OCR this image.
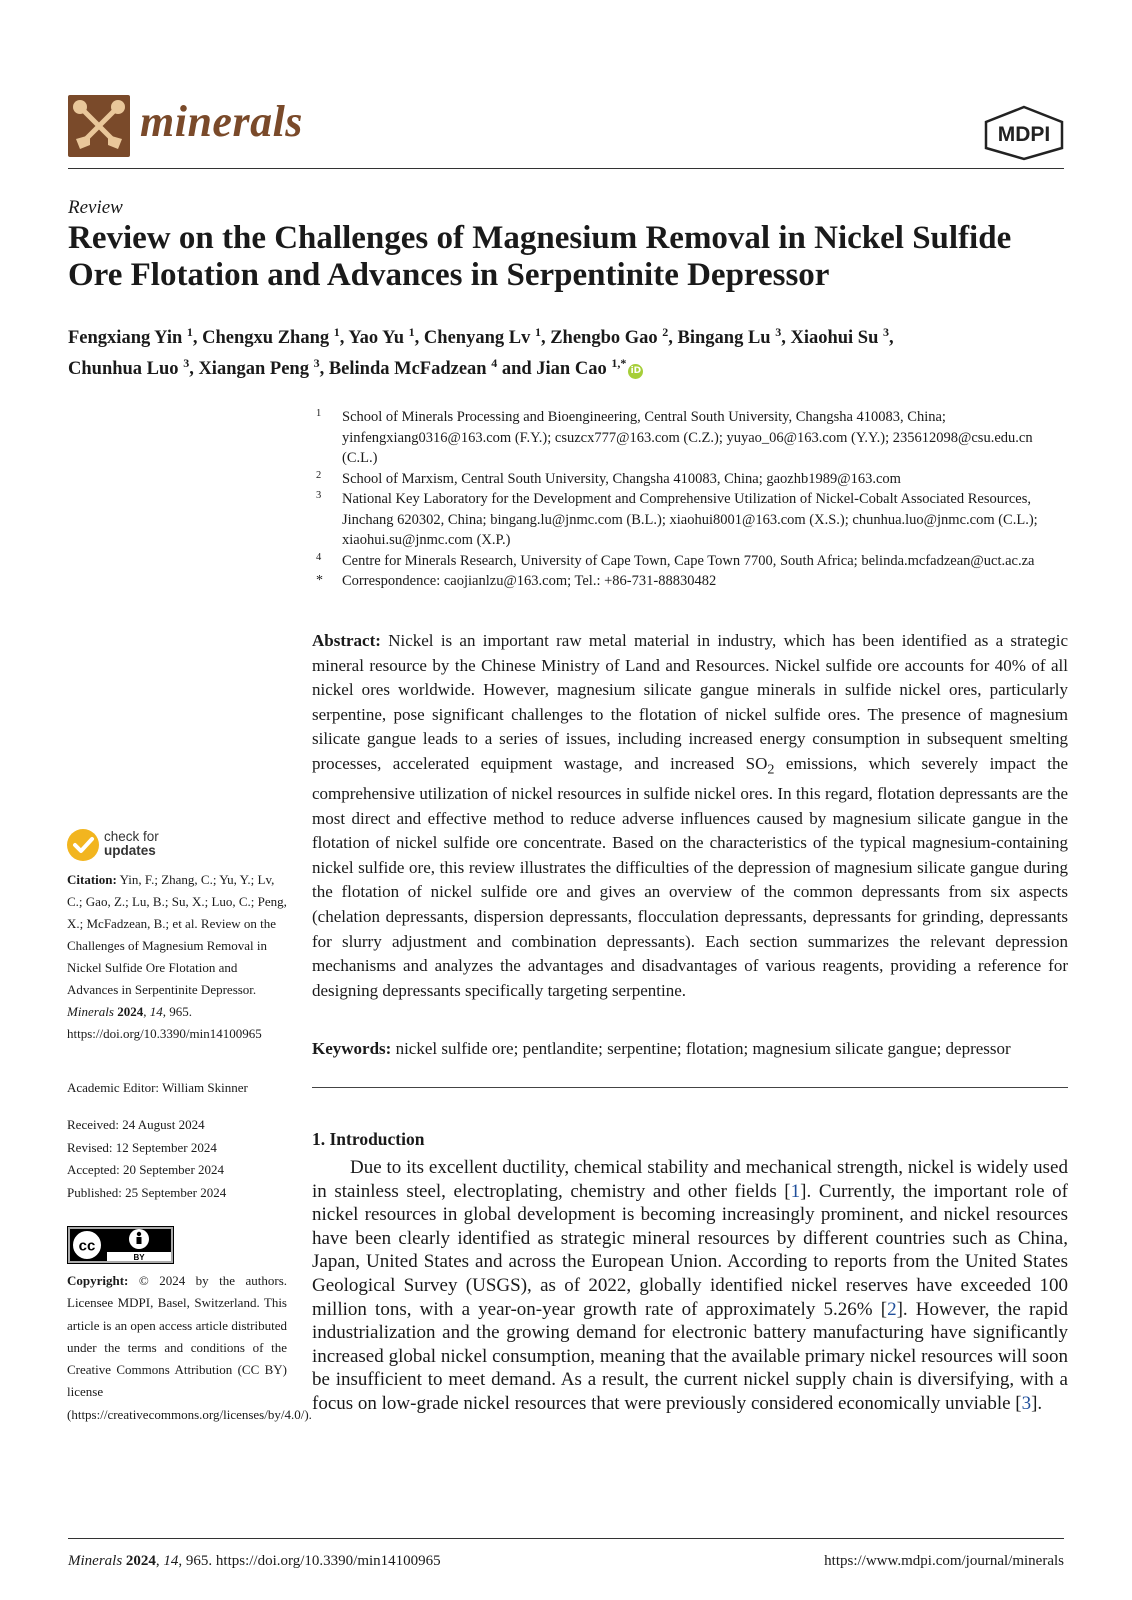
minerals	MDPI
Review
Review on the Challenges of Magnesium Removal in Nickel Sulfide Ore Flotation and Advances in Serpentinite Depressor
Fengxiang Yin $^1$, Chengxu Zhang $^1$, Yao Yu $^1$, Chenyang Lv $^1$, Zhengbo Gao $^2$, Bingang Lu $^3$, Xiaohui Su $^3$,
Chunhua Luo $^3$, Xiangan Peng $^3$, Belinda McFadzean $^4$ and Jian Cao $^{1,*}$iD
1 School of Minerals Processing and Bioengineering, Central South University, Changsha 410083, China; yinfengxiang0316@163.com (F.Y.); csuzcx777@163.com (C.Z.); yuyao_06@163.com (Y.Y.); 235612098@csu.edu.cn (C.L.)
2 School of Marxism, Central South University, Changsha 410083, China; gaozhb1989@163.com
3 National Key Laboratory for the Development and Comprehensive Utilization of Nickel-Cobalt Associated Resources, Jinchang 620302, China; bingang.lu@jnmc.com (B.L.); xiaohui8001@163.com (X.S.); chunhua.luo@jnmc.com (C.L.); xiaohui.su@jnmc.com (X.P.)
4 Centre for Minerals Research, University of Cape Town, Cape Town 7700, South Africa; belinda.mcfadzean@uct.ac.za
* Correspondence: caojianlzu@163.com; Tel.: +86-731-88830482
Abstract: Nickel is an important raw metal material in industry, which has been identified as a strategic mineral resource by the Chinese Ministry of Land and Resources. Nickel sulfide ore accounts for 40% of all nickel ores worldwide. However, magnesium silicate gangue minerals in sulfide nickel ores, particularly serpentine, pose significant challenges to the flotation of nickel sulfide ores. The presence of magnesium silicate gangue leads to a series of issues, including increased energy consumption in subsequent smelting processes, accelerated equipment wastage, and increased $SO_2$ emissions, which severely impact the comprehensive utilization of nickel resources in sulfide nickel ores. In this regard, flotation depressants are the most direct and effective method to reduce adverse influences caused by magnesium silicate gangue in the flotation of nickel sulfide ore concentrate. Based on the characteristics of the typical magnesium-containing nickel sulfide ore, this review illustrates the difficulties of the depression of magnesium silicate gangue during the flotation of nickel sulfide ore and gives an overview of the common depressants from six aspects (chelation depressants, dispersion depressants, flocculation depressants, depressants for grinding, depressants for slurry adjustment and combination depressants). Each section summarizes the relevant depression mechanisms and analyzes the advantages and disadvantages of various reagents, providing a reference for designing depressants specifically targeting serpentine.
Keywords: nickel sulfide ore; pentlandite; serpentine; flotation; magnesium silicate gangue; depressor
1. Introduction
Due to its excellent ductility, chemical stability and mechanical strength, nickel is widely used in stainless steel, electroplating, chemistry and other fields [1]. Currently, the important role of nickel resources in global development is becoming increasingly prominent, and nickel resources have been clearly identified as strategic mineral resources by different countries such as China, Japan, United States and across the European Union. According to reports from the United States Geological Survey (USGS), as of 2022, globally identified nickel reserves have exceeded 100 million tons, with a year-on-year growth rate of approximately 5.26% [2]. However, the rapid industrialization and the growing demand for electronic battery manufacturing have significantly increased global nickel consumption, meaning that the available primary nickel resources will soon be insufficient to meet demand. As a result, the current nickel supply chain is diversifying, with a focus on low-grade nickel resources that were previously considered economically unviable [3].
check for
updates
Citation: Yin, F.; Zhang, C.; Yu, Y.; Lv, C.; Gao, Z.; Lu, B.; Su, X.; Luo, C.; Peng, X.; McFadzean, B.; et al. Review on the Challenges of Magnesium Removal in Nickel Sulfide Ore Flotation and Advances in Serpentinite Depressor. Minerals 2024, 14, 965. https://doi.org/10.3390/min14100965
Academic Editor: William Skinner
Received: 24 August 2024
Revised: 12 September 2024
Accepted: 20 September 2024
Published: 25 September 2024
cc
BY
Copyright: © 2024 by the authors. Licensee MDPI, Basel, Switzerland. This article is an open access article distributed under the terms and conditions of the Creative Commons Attribution (CC BY) license (https://creativecommons.org/licenses/by/4.0/).
Minerals 2024, 14, 965. https://doi.org/10.3390/min14100965	https://www.mdpi.com/journal/minerals
